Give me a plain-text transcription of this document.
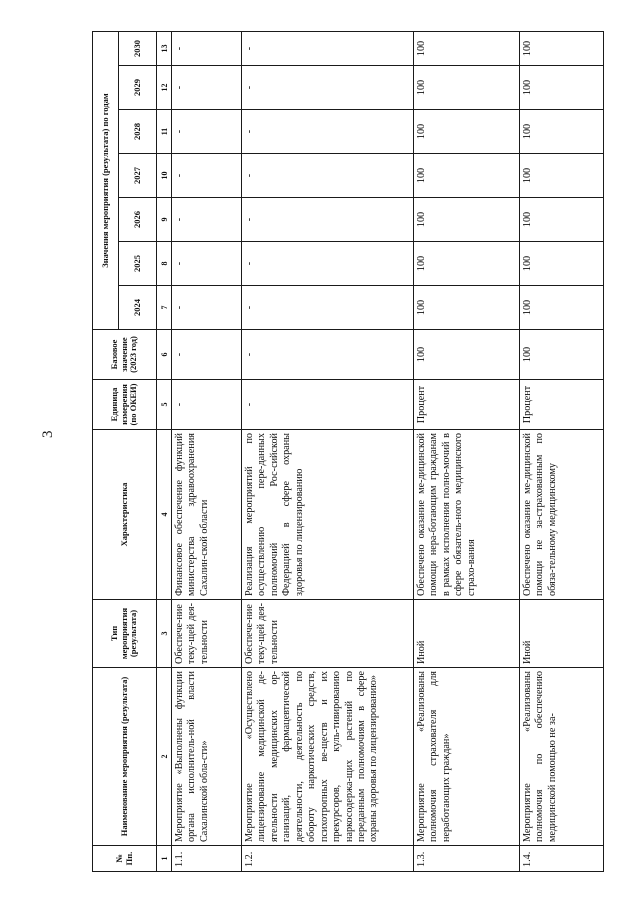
3
№ Пп.	Наименование мероприятия (результата)	Тип мероприятия (результата)	Характеристика	Единица измерения (по ОКЕИ)	Базовое значение (2023 год)	Значения мероприятия (результата) по годам						
						2024	2025	2026	2027	2028	2029	2030
1	2	3	4	5	6	7	8	9	10	11	12	13
1.1.	Мероприятие «Выполнены функции органа исполнитель-ной власти Сахалинской обла-сти»	Обеспече-ние теку-щей дея-тельности	Финансовое обеспечение функций министерства здравоохранения Сахалин-ской области	-	-	-	-	-	-	-	-	-
1.2.	Мероприятие «Осуществлено лицензирование медицинской де-ятельности медицинских ор-ганизаций, фармацевтической деятельности, деятельность по обороту наркотических средств, психотропных ве-ществ и их прекурсоров, куль-тивированию наркосодержа-щих растений по переданным полномочиям в сфере охраны здоровья по лицензированию»	Обеспече-ние теку-щей дея-тельности	Реализация мероприятий по осуществлению пере-данных полномочий Рос-сийской Федерацией в сфере охраны здоровья по лицензированию	-	-	-	-	-	-	-	-	-
1.3.	Мероприятие «Реализованы полномочия страхователя для неработающих граждан»	Иной	Обеспечено оказание ме-дицинской помощи нера-ботающим гражданам в рамках исполнения полно-мочий в сфере обязатель-ного медицинского страхо-вания	Процент	100	100	100	100	100	100	100	100
1.4.	Мероприятие «Реализованы полномочия по обеспечению медицинской помощью не за-	Иной	Обеспечено оказание ме-дицинской помощи не за-страхованным по обяза-тельному медицинскому	Процент	100	100	100	100	100	100	100	100
